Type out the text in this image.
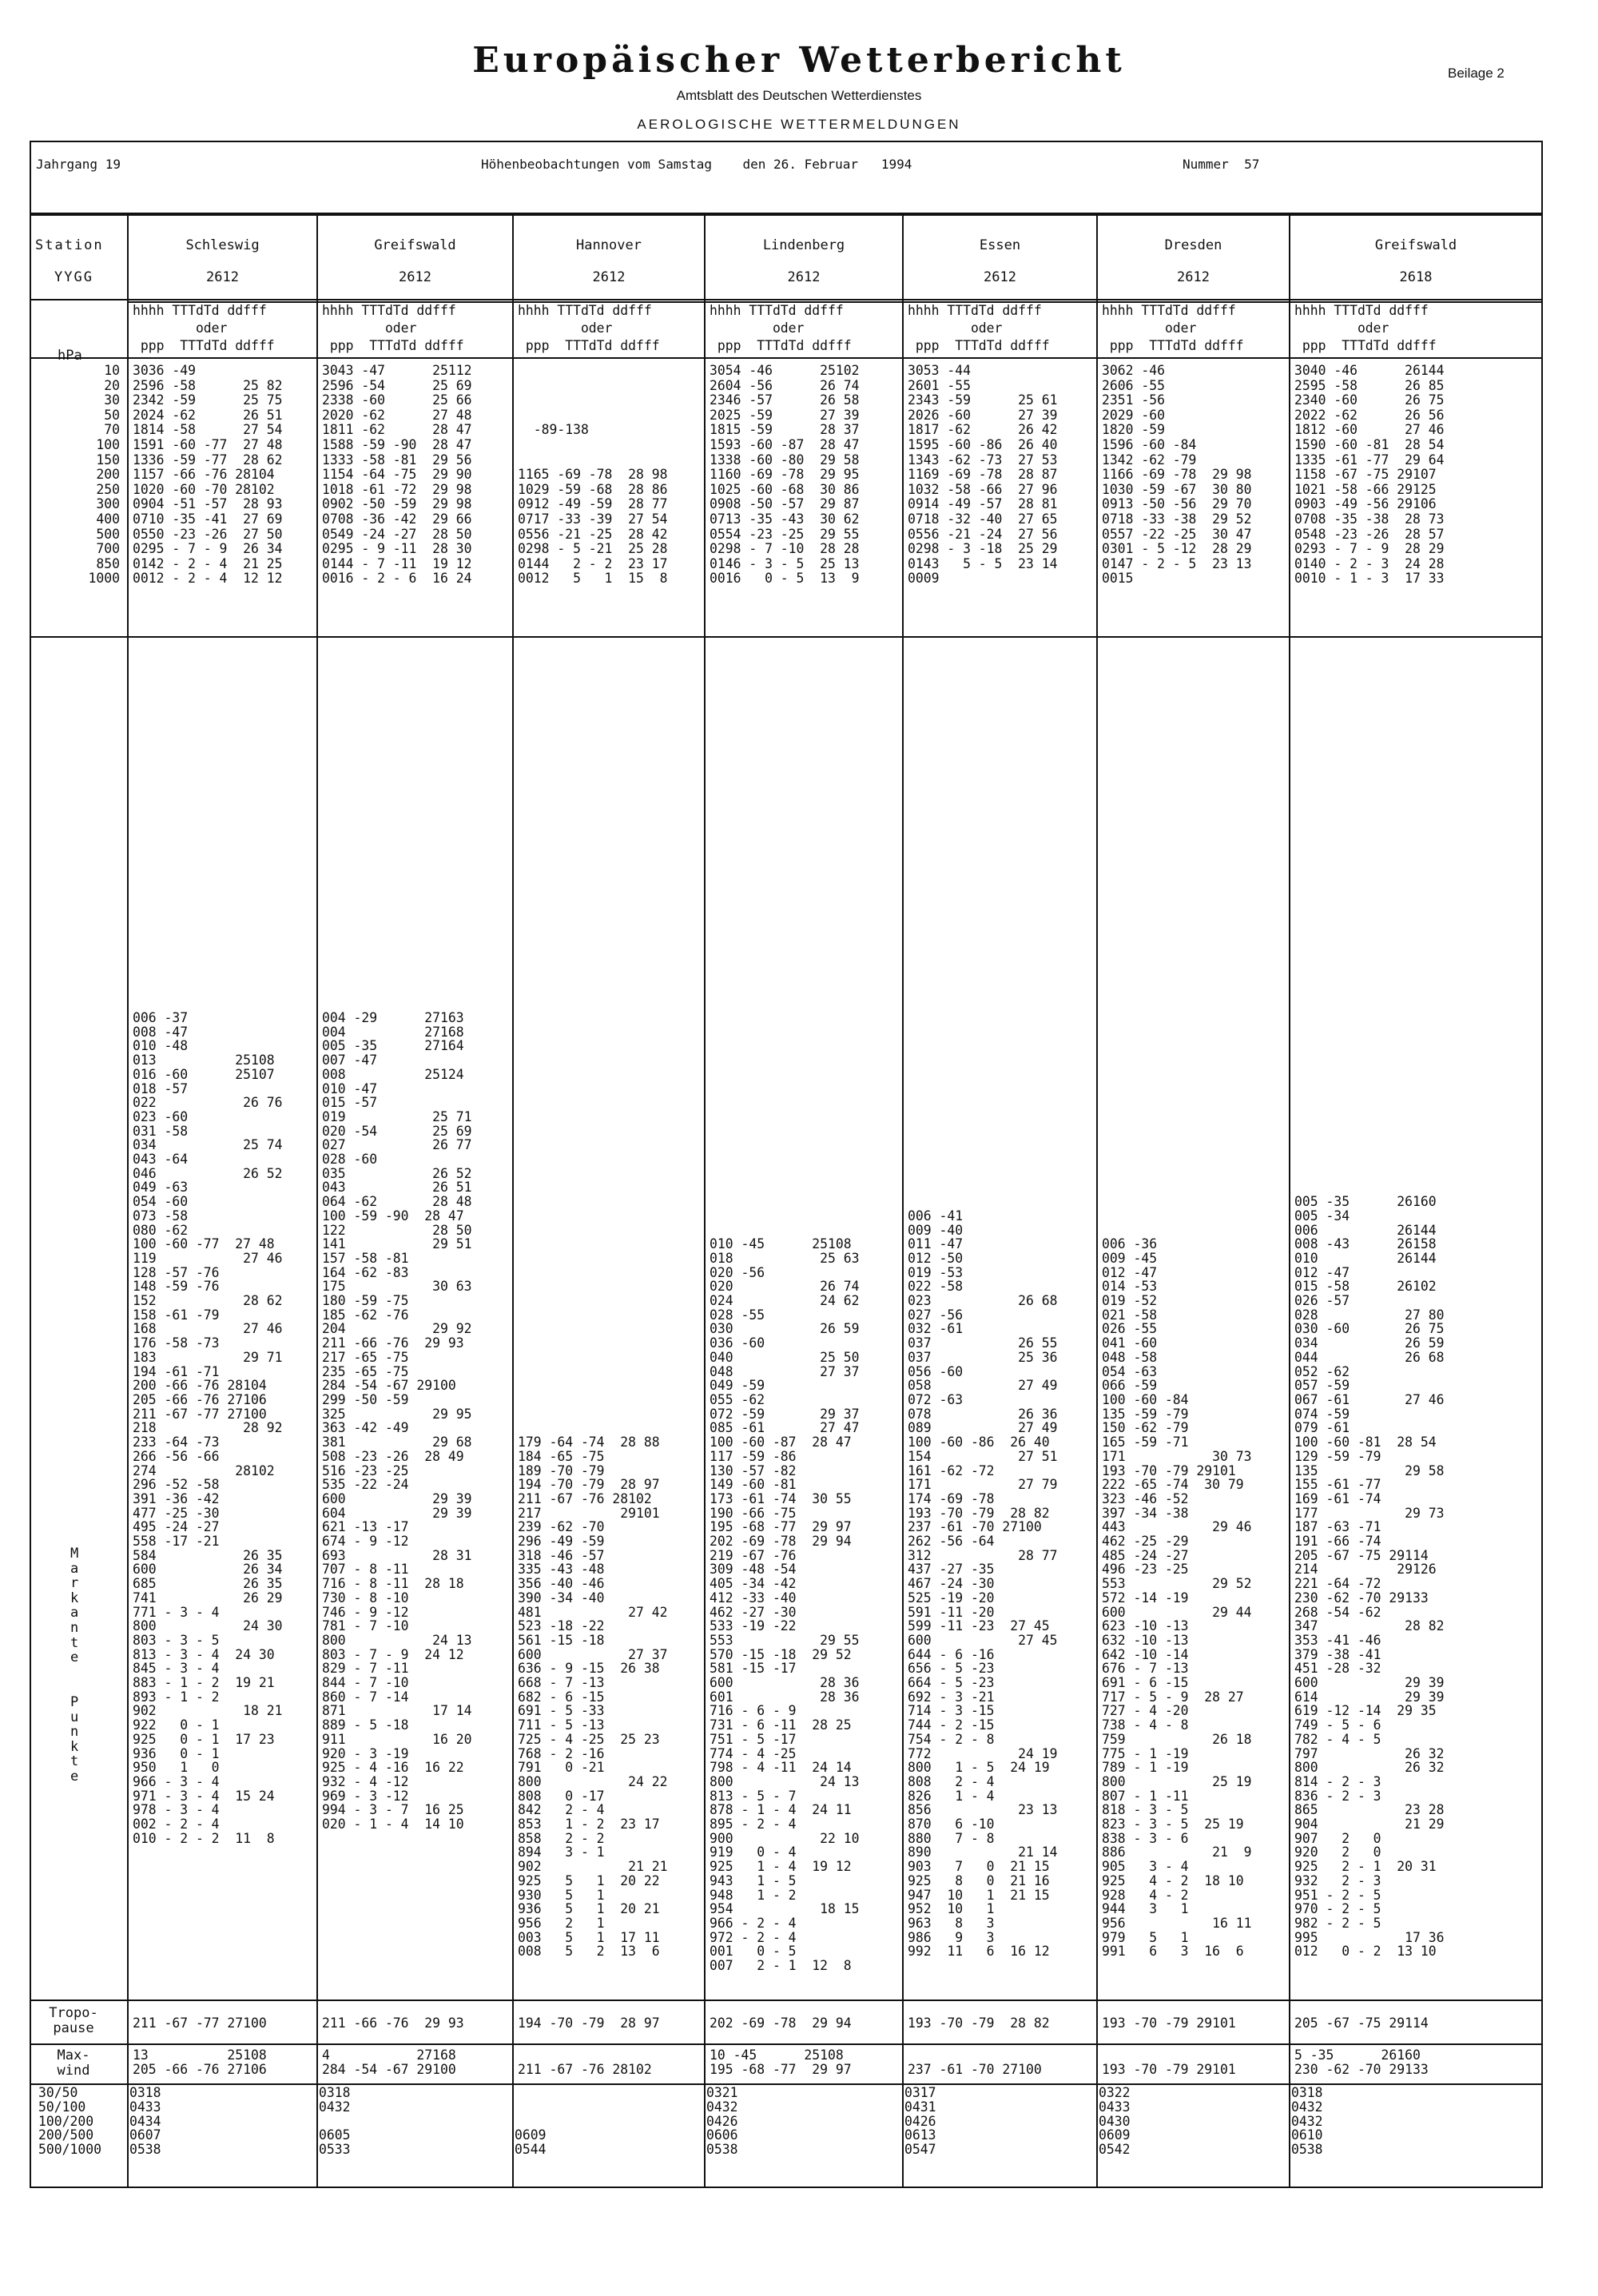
Europäischer Wetterbericht
Amtsblatt des Deutschen Wetterdienstes
AEROLOGISCHE WETTERMELDUNGEN
Beilage 2
Jahrgang 19	Höhenbeobachtungen vom Samstag    den 26. Februar   1994	Nummer  57
Station
YYGG
hPa
10
20
30
50
70
100
150
200
250
300
400
500
700
850
1000
M
a
r
k
a
n
t
e

P
u
n
k
t
e
Tropo-
pause
Max-
wind
30/50
50/100
100/200
200/500
500/1000
Schleswig
2612
hhhh TTTdTd ddfff
oder
ppp  TTTdTd ddfff
3036 -49
2596 -58      25 82
2342 -59      25 75
2024 -62      26 51
1814 -58      27 54
1591 -60 -77  27 48
1336 -59 -77  28 62
1157 -66 -76 28104
1020 -60 -70 28102
0904 -51 -57  28 93
0710 -35 -41  27 69
0550 -23 -26  27 50
0295 - 7 - 9  26 34
0142 - 2 - 4  21 25
0012 - 2 - 4  12 12
006 -37
008 -47
010 -48
013          25108
016 -60      25107
018 -57
022           26 76
023 -60
031 -58
034           25 74
043 -64
046           26 52
049 -63
054 -60
073 -58
080 -62
100 -60 -77  27 48
119           27 46
128 -57 -76
148 -59 -76
152           28 62
158 -61 -79
168           27 46
176 -58 -73
183           29 71
194 -61 -71
200 -66 -76 28104
205 -66 -76 27106
211 -67 -77 27100
218           28 92
233 -64 -73
266 -56 -66
274          28102
296 -52 -58
391 -36 -42
477 -25 -30
495 -24 -27
558 -17 -21
584           26 35
600           26 34
685           26 35
741           26 29
771 - 3 - 4
800           24 30
803 - 3 - 5
813 - 3 - 4  24 30
845 - 3 - 4
883 - 1 - 2  19 21
893 - 1 - 2
902           18 21
922   0 - 1
925   0 - 1  17 23
936   0 - 1
950   1   0
966 - 3 - 4
971 - 3 - 4  15 24
978 - 3 - 4
002 - 2 - 4
010 - 2 - 2  11  8
211 -67 -77 27100
13          25108
205 -66 -76 27106
0318
0433
0434
0607
0538
Greifswald
2612
hhhh TTTdTd ddfff
oder
ppp  TTTdTd ddfff
3043 -47      25112
2596 -54      25 69
2338 -60      25 66
2020 -62      27 48
1811 -62      28 47
1588 -59 -90  28 47
1333 -58 -81  29 56
1154 -64 -75  29 90
1018 -61 -72  29 98
0902 -50 -59  29 98
0708 -36 -42  29 66
0549 -24 -27  28 50
0295 - 9 -11  28 30
0144 - 7 -11  19 12
0016 - 2 - 6  16 24
004 -29      27163
004          27168
005 -35      27164
007 -47
008          25124
010 -47
015 -57
019           25 71
020 -54       25 69
027           26 77
028 -60
035           26 52
043           26 51
064 -62       28 48
100 -59 -90  28 47
122           28 50
141           29 51
157 -58 -81
164 -62 -83
175           30 63
180 -59 -75
185 -62 -76
204           29 92
211 -66 -76  29 93
217 -65 -75
235 -65 -75
284 -54 -67 29100
299 -50 -59
325           29 95
363 -42 -49
381           29 68
508 -23 -26  28 49
516 -23 -25
535 -22 -24
600           29 39
604           29 39
621 -13 -17
674 - 9 -12
693           28 31
707 - 8 -11
716 - 8 -11  28 18
730 - 8 -10
746 - 9 -12
781 - 7 -10
800           24 13
803 - 7 - 9  24 12
829 - 7 -11
844 - 7 -10
860 - 7 -14
871           17 14
889 - 5 -18
911           16 20
920 - 3 -19
925 - 4 -16  16 22
932 - 4 -12
969 - 3 -12
994 - 3 - 7  16 25
020 - 1 - 4  14 10
211 -66 -76  29 93
4           27168
284 -54 -67 29100
0318
0432

0605
0533
Hannover
2612
hhhh TTTdTd ddfff
oder
ppp  TTTdTd ddfff

-89-138

1165 -69 -78  28 98
1029 -59 -68  28 86
0912 -49 -59  28 77
0717 -33 -39  27 54
0556 -21 -25  28 42
0298 - 5 -21  25 28
0144   2 - 2  23 17
0012   5   1  15  8

179 -64 -74  28 88
184 -65 -75
189 -70 -79
194 -70 -79  28 97
211 -67 -76 28102
217          29101
239 -62 -70
296 -49 -59
318 -46 -57
335 -43 -48
356 -40 -46
390 -34 -40
481           27 42
523 -18 -22
561 -15 -18
600           27 37
636 - 9 -15  26 38
668 - 7 -13
682 - 6 -15
691 - 5 -33
711 - 5 -13
725 - 4 -25  25 23
768 - 2 -16
791   0 -21
800           24 22
808   0 -17
842   2 - 4
853   1 - 2  23 17
858   2 - 2
894   3 - 1
902           21 21
925   5   1  20 22
930   5   1
936   5   1  20 21
956   2   1
003   5   1  17 11
008   5   2  13  6
194 -70 -79  28 97

211 -67 -76 28102

0609
0544
Lindenberg
2612
hhhh TTTdTd ddfff
oder
ppp  TTTdTd ddfff
3054 -46      25102
2604 -56      26 74
2346 -57      26 58
2025 -59      27 39
1815 -59      28 37
1593 -60 -87  28 47
1338 -60 -80  29 58
1160 -69 -78  29 95
1025 -60 -68  30 86
0908 -50 -57  29 87
0713 -35 -43  30 62
0554 -23 -25  29 55
0298 - 7 -10  28 28
0146 - 3 - 5  25 13
0016   0 - 5  13  9

010 -45      25108
018           25 63
020 -56
020           26 74
024           24 62
028 -55
030           26 59
036 -60
040           25 50
048           27 37
049 -59
055 -62
072 -59       29 37
085 -61       27 47
100 -60 -87  28 47
117 -59 -86
130 -57 -82
149 -60 -81
173 -61 -74  30 55
190 -66 -75
195 -68 -77  29 97
202 -69 -78  29 94
219 -67 -76
309 -48 -54
405 -34 -42
412 -33 -40
462 -27 -30
533 -19 -22
553           29 55
570 -15 -18  29 52
581 -15 -17
600           28 36
601           28 36
716 - 6 - 9
731 - 6 -11  28 25
751 - 5 -17
774 - 4 -25
798 - 4 -11  24 14
800           24 13
813 - 5 - 7
878 - 1 - 4  24 11
895 - 2 - 4
900           22 10
919   0 - 4
925   1 - 4  19 12
943   1 - 5
948   1 - 2
954           18 15
966 - 2 - 4
972 - 2 - 4
001   0 - 5
007   2 - 1  12  8
202 -69 -78  29 94
10 -45      25108
195 -68 -77  29 97
0321
0432
0426
0606
0538
Essen
2612
hhhh TTTdTd ddfff
oder
ppp  TTTdTd ddfff
3053 -44
2601 -55
2343 -59      25 61
2026 -60      27 39
1817 -62      26 42
1595 -60 -86  26 40
1343 -62 -73  27 53
1169 -69 -78  28 87
1032 -58 -66  27 96
0914 -49 -57  28 81
0718 -32 -40  27 65
0556 -21 -24  27 56
0298 - 3 -18  25 29
0143   5 - 5  23 14
0009

006 -41
009 -40
011 -47
012 -50
019 -53
022 -58
023           26 68
027 -56
032 -61
037           26 55
037           25 36
056 -60
058           27 49
072 -63
078           26 36
089           27 49
100 -60 -86  26 40
154           27 51
161 -62 -72
171           27 79
174 -69 -78
193 -70 -79  28 82
237 -61 -70 27100
262 -56 -64
312           28 77
437 -27 -35
467 -24 -30
525 -19 -20
591 -11 -20
599 -11 -23  27 45
600           27 45
644 - 6 -16
656 - 5 -23
664 - 5 -23
692 - 3 -21
714 - 3 -15
744 - 2 -15
754 - 2 - 8
772           24 19
800   1 - 5  24 19
808   2 - 4
826   1 - 4
856           23 13
870   6 -10
880   7 - 8
890           21 14
903   7   0  21 15
925   8   0  21 16
947  10   1  21 15
952  10   1
963   8   3
986   9   3
992  11   6  16 12
193 -70 -79  28 82

237 -61 -70 27100
0317
0431
0426
0613
0547
Dresden
2612
hhhh TTTdTd ddfff
oder
ppp  TTTdTd ddfff
3062 -46
2606 -55
2351 -56
2029 -60
1820 -59
1596 -60 -84
1342 -62 -79
1166 -69 -78  29 98
1030 -59 -67  30 80
0913 -50 -56  29 70
0718 -33 -38  29 52
0557 -22 -25  30 47
0301 - 5 -12  28 29
0147 - 2 - 5  23 13
0015

006 -36
009 -45
012 -47
014 -53
019 -52
021 -58
026 -55
041 -60
048 -58
054 -63
066 -59
100 -60 -84
135 -59 -79
150 -62 -79
165 -59 -71
171           30 73
193 -70 -79 29101
222 -65 -74  30 79
323 -46 -52
397 -34 -38
443           29 46
462 -25 -29
485 -24 -27
496 -23 -25
553           29 52
572 -14 -19
600           29 44
623 -10 -13
632 -10 -13
642 -10 -14
676 - 7 -13
691 - 6 -15
717 - 5 - 9  28 27
727 - 4 -20
738 - 4 - 8
759           26 18
775 - 1 -19
789 - 1 -19
800           25 19
807 - 1 -11
818 - 3 - 5
823 - 3 - 5  25 19
838 - 3 - 6
886           21  9
905   3 - 4
925   4 - 2  18 10
928   4 - 2
944   3   1
956           16 11
979   5   1
991   6   3  16  6
193 -70 -79 29101

193 -70 -79 29101
0322
0433
0430
0609
0542
Greifswald
2618
hhhh TTTdTd ddfff
oder
ppp  TTTdTd ddfff
3040 -46      26144
2595 -58      26 85
2340 -60      26 75
2022 -62      26 56
1812 -60      27 46
1590 -60 -81  28 54
1335 -61 -77  29 64
1158 -67 -75 29107
1021 -58 -66 29125
0903 -49 -56 29106
0708 -35 -38  28 73
0548 -23 -26  28 57
0293 - 7 - 9  28 29
0140 - 2 - 3  24 28
0010 - 1 - 3  17 33

005 -35      26160
005 -34
006          26144
008 -43      26158
010          26144
012 -47
015 -58      26102
026 -57
028           27 80
030 -60       26 75
034           26 59
044           26 68
052 -62
057 -59
067 -61       27 46
074 -59
079 -61
100 -60 -81  28 54
129 -59 -79
135           29 58
155 -61 -77
169 -61 -74
177           29 73
187 -63 -71
191 -66 -74
205 -67 -75 29114
214          29126
221 -64 -72
230 -62 -70 29133
268 -54 -62
347           28 82
353 -41 -46
379 -38 -41
451 -28 -32
600           29 39
614           29 39
619 -12 -14  29 35
749 - 5 - 6
782 - 4 - 5
797           26 32
800           26 32
814 - 2 - 3
836 - 2 - 3
865           23 28
904           21 29
907   2   0
920   2   0
925   2 - 1  20 31
932   2 - 3
951 - 2 - 5
970 - 2 - 5
982 - 2 - 5
995           17 36
012   0 - 2  13 10
205 -67 -75 29114
5 -35      26160
230 -62 -70 29133
0318
0432
0432
0610
0538
